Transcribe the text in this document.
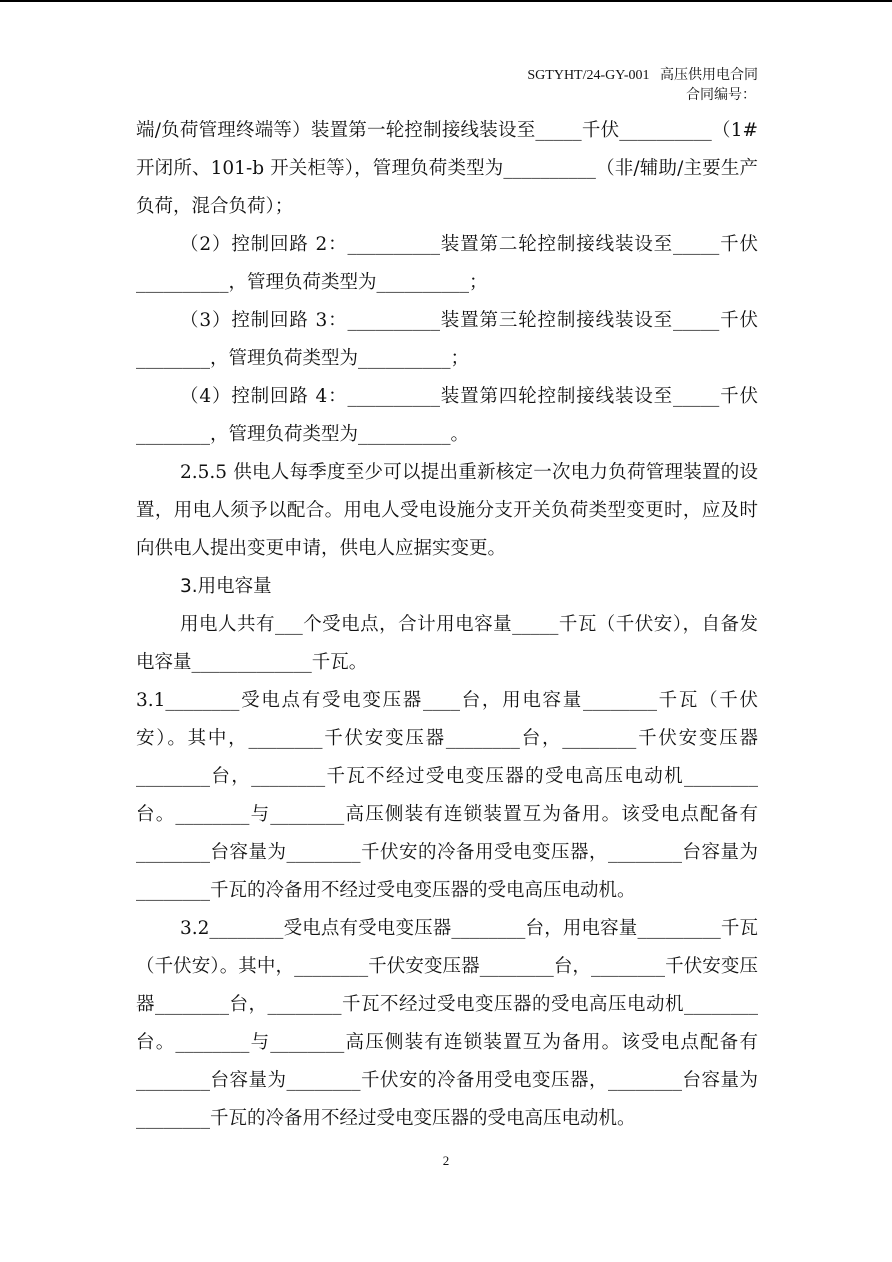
SGTYHT/24-GY-001 高压供用电合同
合同编号：

端/负荷管理终端等）装置第一轮控制接线装设至_____千伏__________（1#开闭所、101-b 开关柜等），管理负荷类型为__________（非/辅助/主要生产负荷，混合负荷）；

（2）控制回路 2：__________装置第二轮控制接线装设至_____千伏__________，管理负荷类型为__________；

（3）控制回路 3：__________装置第三轮控制接线装设至_____千伏 ________，管理负荷类型为__________；

（4）控制回路 4：__________装置第四轮控制接线装设至_____千伏 ________，管理负荷类型为__________。

2.5.5 供电人每季度至少可以提出重新核定一次电力负荷管理装置的设置，用电人须予以配合。用电人受电设施分支开关负荷类型变更时，应及时向供电人提出变更申请，供电人应据实变更。

3.用电容量

用电人共有___个受电点，合计用电容量_____千瓦（千伏安），自备发电容量_____________千瓦。

3.1________受电点有受电变压器____台，用电容量________千瓦（千伏安）。其中，________千伏安变压器________台，________千伏安变压器________台，________千瓦不经过受电变压器的受电高压电动机________台。________与________高压侧装有连锁装置互为备用。该受电点配备有________台容量为________千伏安的冷备用受电变压器，________台容量为________千瓦的冷备用不经过受电变压器的受电高压电动机。

3.2________受电点有受电变压器________台，用电容量_________千瓦（千伏安）。其中，________千伏安变压器________台，________千伏安变压器________台，________千瓦不经过受电变压器的受电高压电动机________台。________与________高压侧装有连锁装置互为备用。该受电点配备有________台容量为________千伏安的冷备用受电变压器，________台容量为________千瓦的冷备用不经过受电变压器的受电高压电动机。

2
